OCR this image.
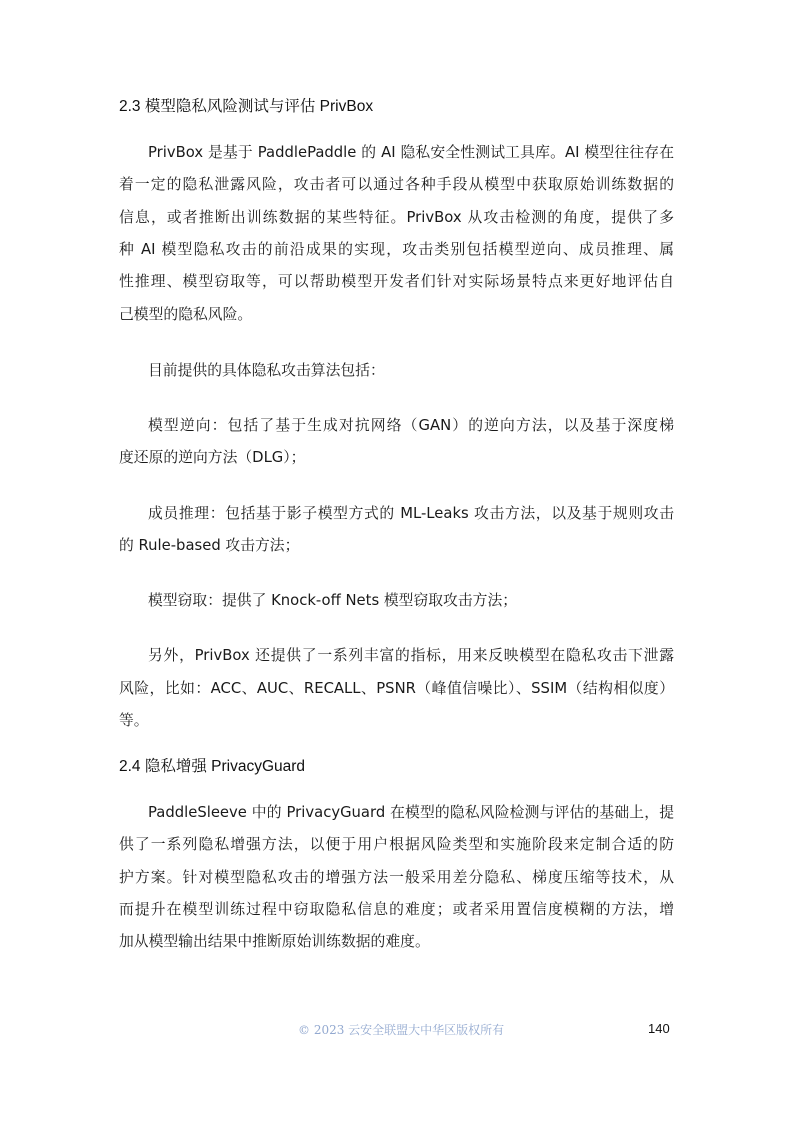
2.3 模型隐私风险测试与评估 PrivBox
PrivBox 是基于 PaddlePaddle 的 AI 隐私安全性测试工具库。AI 模型往往存在
着一定的隐私泄露风险，攻击者可以通过各种手段从模型中获取原始训练数据的
信息，或者推断出训练数据的某些特征。PrivBox 从攻击检测的角度，提供了多
种 AI 模型隐私攻击的前沿成果的实现，攻击类别包括模型逆向、成员推理、属
性推理、模型窃取等，可以帮助模型开发者们针对实际场景特点来更好地评估自
己模型的隐私风险。
目前提供的具体隐私攻击算法包括：
模型逆向：包括了基于生成对抗网络（GAN）的逆向方法，以及基于深度梯
度还原的逆向方法（DLG）；
成员推理：包括基于影子模型方式的 ML-Leaks 攻击方法，以及基于规则攻击
的 Rule-based 攻击方法；
模型窃取：提供了 Knock-off Nets 模型窃取攻击方法；
另外，PrivBox 还提供了一系列丰富的指标，用来反映模型在隐私攻击下泄露
风险，比如：ACC、AUC、RECALL、PSNR（峰值信噪比）、SSIM（结构相似度）
等。
2.4 隐私增强 PrivacyGuard
PaddleSleeve 中的 PrivacyGuard 在模型的隐私风险检测与评估的基础上，提
供了一系列隐私增强方法，以便于用户根据风险类型和实施阶段来定制合适的防
护方案。针对模型隐私攻击的增强方法一般采用差分隐私、梯度压缩等技术，从
而提升在模型训练过程中窃取隐私信息的难度；或者采用置信度模糊的方法，增
加从模型输出结果中推断原始训练数据的难度。
© 2023 云安全联盟大中华区版权所有	140
